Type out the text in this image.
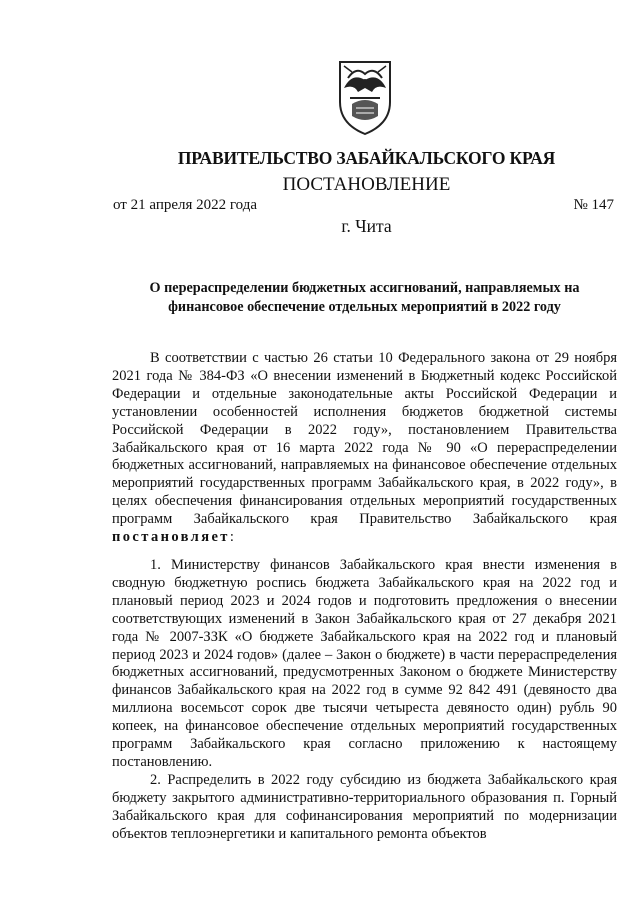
ПРАВИТЕЛЬСТВО ЗАБАЙКАЛЬСКОГО КРАЯ
ПОСТАНОВЛЕНИЕ
от 21 апреля 2022 года	№ 147
г. Чита
О перераспределении бюджетных ассигнований, направляемых на финансовое обеспечение отдельных мероприятий в 2022 году

В соответствии с частью 26 статьи 10 Федерального закона от 29 ноября 2021 года № 384-ФЗ «О внесении изменений в Бюджетный кодекс Российской Федерации и отдельные законодательные акты Российской Федерации и установлении особенностей исполнения бюджетов бюджетной системы Российской Федерации в 2022 году», постановлением Правительства Забайкальского края от 16 марта 2022 года № 90 «О перераспределении бюджетных ассигнований, направляемых на финансовое обеспечение отдельных мероприятий государственных программ Забайкальского края, в 2022 году», в целях обеспечения финансирования отдельных мероприятий государственных программ Забайкальского края Правительство Забайкальского края постановляет:

1. Министерству финансов Забайкальского края внести изменения в сводную бюджетную роспись бюджета Забайкальского края на 2022 год и плановый период 2023 и 2024 годов и подготовить предложения о внесении соответствующих изменений в Закон Забайкальского края от 27 декабря 2021 года № 2007-ЗЗК «О бюджете Забайкальского края на 2022 год и плановый период 2023 и 2024 годов» (далее – Закон о бюджете) в части перераспределения бюджетных ассигнований, предусмотренных Законом о бюджете Министерству финансов Забайкальского края на 2022 год в сумме 92 842 491 (девяносто два миллиона восемьсот сорок две тысячи четыреста девяносто один) рубль 90 копеек, на финансовое обеспечение отдельных мероприятий государственных программ Забайкальского края согласно приложению к настоящему постановлению.

2. Распределить в 2022 году субсидию из бюджета Забайкальского края бюджету закрытого административно-территориального образования п. Горный Забайкальского края для софинансирования мероприятий по модернизации объектов теплоэнергетики и капитального ремонта объектов
